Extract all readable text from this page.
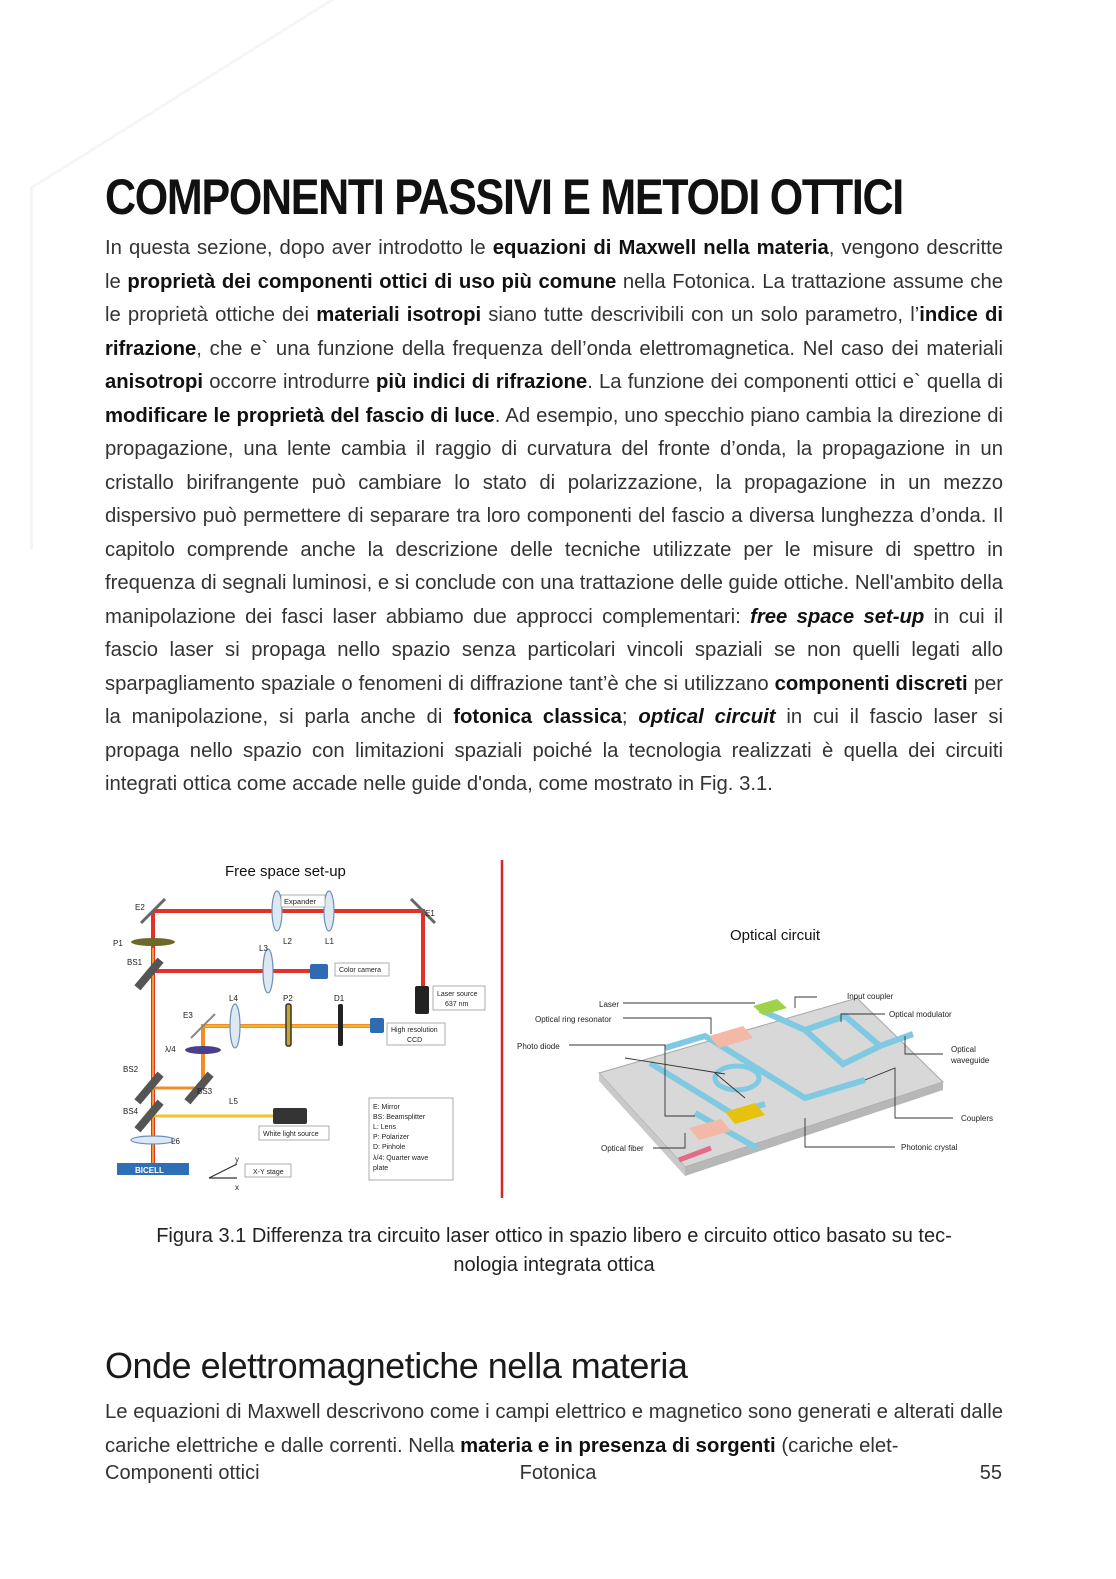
COMPONENTI PASSIVI E METODI OTTICI

In questa sezione, dopo aver introdotto le equazioni di Maxwell nella materia, vengono descritte le proprietà dei componenti ottici di uso più comune nella Fotonica. La trattazione assume che le proprietà ottiche dei materiali isotropi siano tutte descrivibili con un solo parametro, l’indice di rifrazione, che e` una funzione della frequenza dell’onda elettromagnetica. Nel caso dei materiali anisotropi occorre introdurre più indici di rifrazione. La funzione dei componenti ottici e` quella di modificare le proprietà del fascio di luce. Ad esempio, uno specchio piano cambia la direzione di propagazione, una lente cambia il raggio di curvatura del fronte d’onda, la propagazione in un cristallo birifrangente può cambiare lo stato di polarizzazione, la propagazione in un mezzo dispersivo può permettere di separare tra loro componenti del fascio a diversa lunghezza d’onda. Il capitolo comprende anche la descrizione delle tecniche utilizzate per le misure di spettro in frequenza di segnali luminosi, e si conclude con una trattazione delle guide ottiche. Nell'ambito della manipolazione dei fasci laser abbiamo due approcci complementari: free space set-up in cui il fascio laser si propaga nello spazio senza particolari vincoli spaziali se non quelli legati allo sparpagliamento spaziale o fenomeni di diffrazione tant’è che si utilizzano componenti discreti per la manipolazione, si parla anche di fotonica classica; optical circuit in cui il fascio laser si propaga nello spazio con limitazioni spaziali poiché la tecnologia realizzati è quella dei circuiti integrati ottica come accade nelle guide d'onda, come mostrato in Fig. 3.1.

Free space set-up
E2
E1
E3
P1
BS1
BS2
BS3
BS4
L1
L2
L3
L4
L5
L6
P2	D1
λ/4
Expander
Color camera
Laser source
637 nm
High resolution
CCD
White light source
X-Y stage
BICELL
y
x
E: Mirror
BS: Beamsplitter
L: Lens
P: Polarizer
D: Pinhole
λ/4: Quarter wave
plate
Optical circuit
Laser
Optical ring resonator
Photo diode
Input coupler
Optical modulator
Optical
waveguide
Couplers
Optical fiber	Photonic crystal
Figura 3.1 Differenza tra circuito laser ottico in spazio libero e circuito ottico basato su tec-
nologia integrata ottica
Onde elettromagnetiche nella materia

Le equazioni di Maxwell descrivono come i campi elettrico e magnetico sono generati e alterati dalle cariche elettriche e dalle correnti. Nella materia e in presenza di sorgenti (cariche elet-

Componenti ottici	Fotonica	55
